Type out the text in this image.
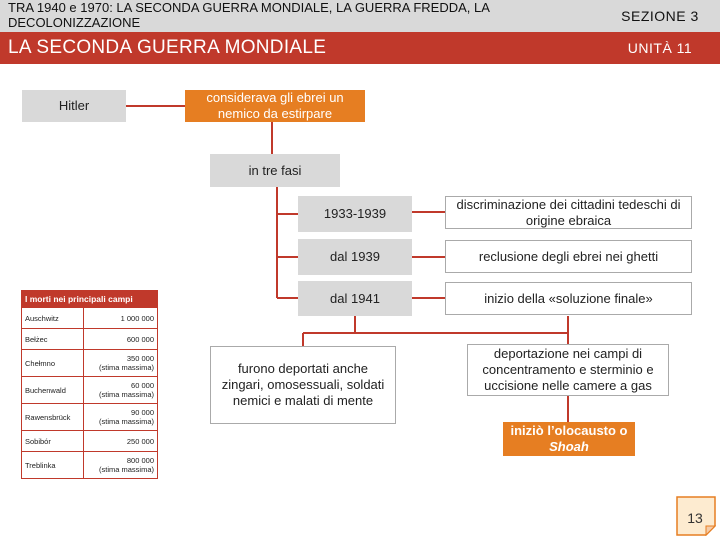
TRA 1940 e 1970: LA SECONDA GUERRA MONDIALE, LA GUERRA FREDDA, LA DECOLONIZZAZIONE
LA SECONDA GUERRA MONDIALE
SEZIONE 3
UNITÀ 11
Hitler
considerava gli ebrei un nemico da estirpare
in tre fasi
1933-1939
dal 1939
dal 1941
discriminazione dei cittadini tedeschi di origine ebraica
reclusione degli ebrei nei ghetti
inizio della «soluzione finale»
furono deportati anche zingari, omosessuali, soldati nemici e malati di mente
deportazione nei campi di concentramento e sterminio e uccisione nelle camere a gas
iniziò l’olocausto o
Shoah
I morti nei principali campi	
Auschwitz	1 000 000
Bełżec	600 000
Chełmno	350 000
(stima massima)

Buchenwald	60 000
(stima massima)

Rawensbrück	90 000
(stima massima)

Sobibór	250 000
Treblinka	800 000
(stima massima)
13
